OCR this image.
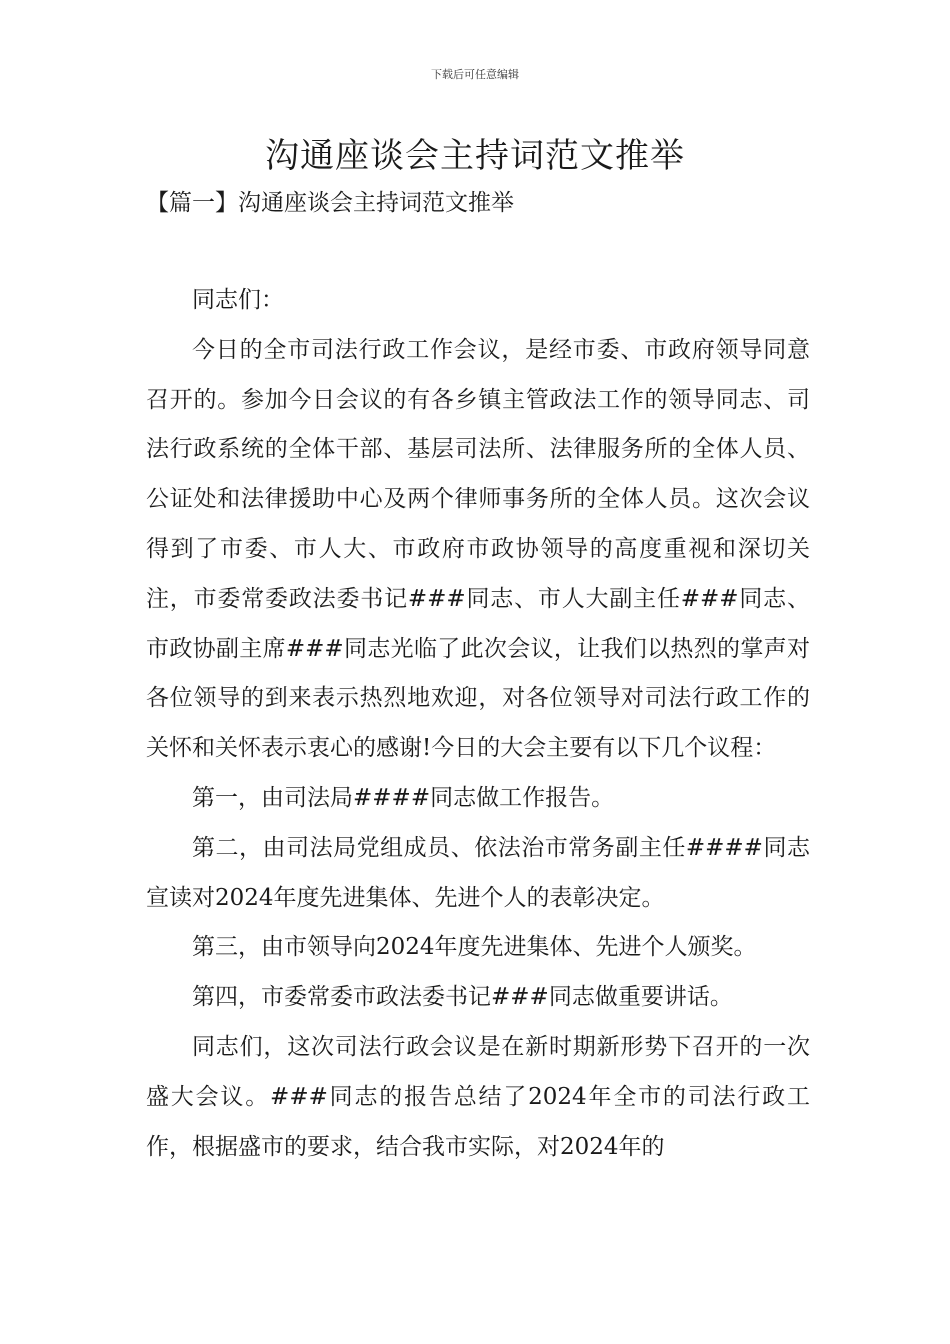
下载后可任意编辑
沟通座谈会主持词范文推举
【篇一】沟通座谈会主持词范文推举

同志们：

今日的全市司法行政工作会议，是经市委、市政府领导同意召开的。参加今日会议的有各乡镇主管政法工作的领导同志、司法行政系统的全体干部、基层司法所、法律服务所的全体人员、公证处和法律援助中心及两个律师事务所的全体人员。这次会议得到了市委、市人大、市政府市政协领导的高度重视和深切关注，市委常委政法委书记###同志、市人大副主任###同志、市政协副主席###同志光临了此次会议，让我们以热烈的掌声对各位领导的到来表示热烈地欢迎，对各位领导对司法行政工作的关怀和关怀表示衷心的感谢!今日的大会主要有以下几个议程：

第一，由司法局####同志做工作报告。

第二，由司法局党组成员、依法治市常务副主任####同志宣读对2024年度先进集体、先进个人的表彰决定。

第三，由市领导向2024年度先进集体、先进个人颁奖。

第四，市委常委市政法委书记###同志做重要讲话。

同志们，这次司法行政会议是在新时期新形势下召开的一次盛大会议。###同志的报告总结了2024年全市的司法行政工作，根据盛市的要求，结合我市实际，对2024年的
